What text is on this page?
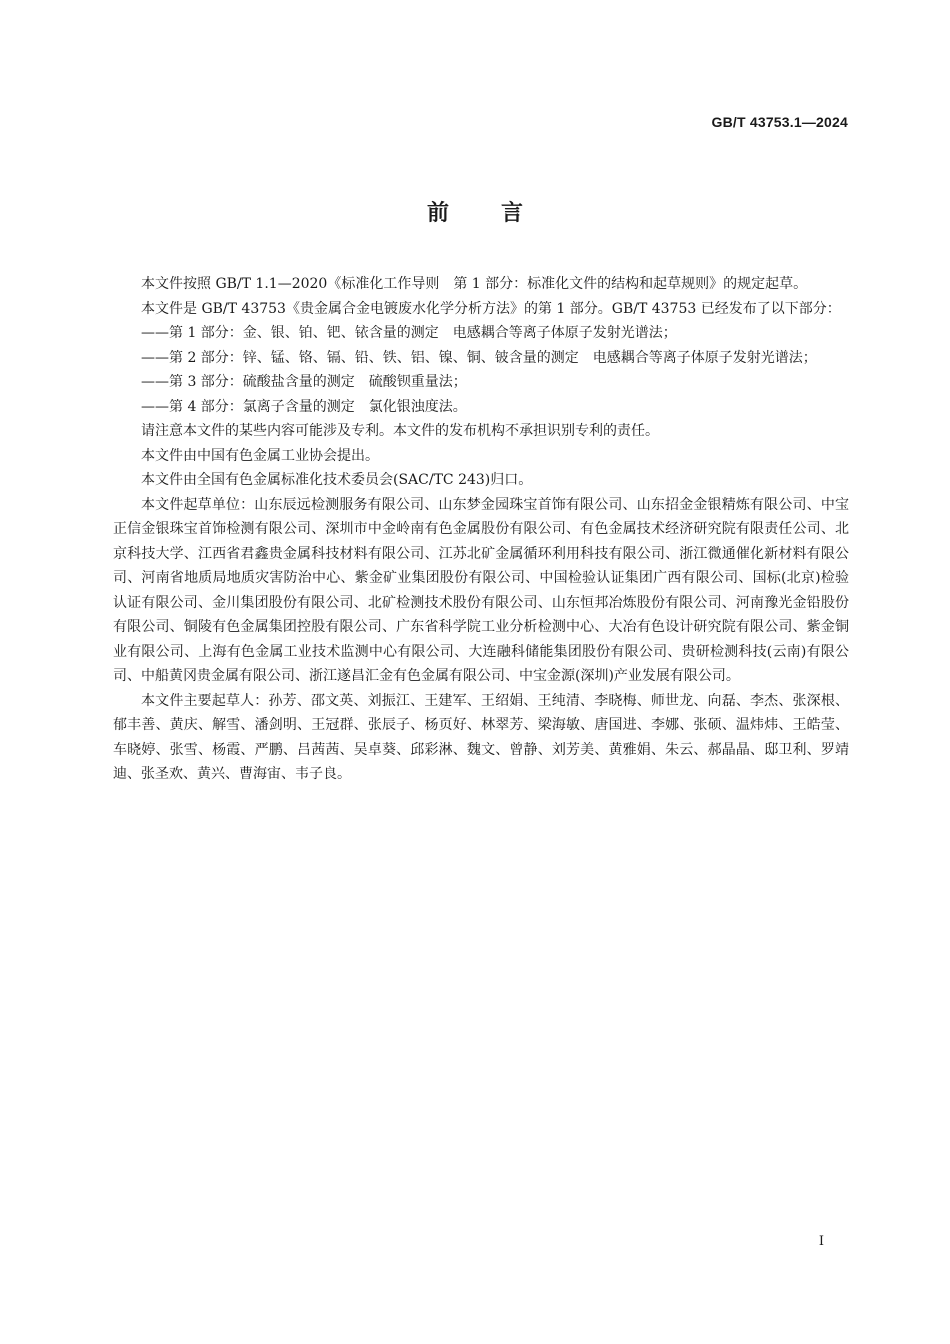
GB/T 43753.1—2024
前言

本文件按照 GB/T 1.1—2020《标准化工作导则　第 1 部分：标准化文件的结构和起草规则》的规定起草。

本文件是 GB/T 43753《贵金属合金电镀废水化学分析方法》的第 1 部分。GB/T 43753 已经发布了以下部分：

——第 1 部分：金、银、铂、钯、铱含量的测定　电感耦合等离子体原子发射光谱法；

——第 2 部分：锌、锰、铬、镉、铅、铁、铝、镍、铜、铍含量的测定　电感耦合等离子体原子发射光谱法；

——第 3 部分：硫酸盐含量的测定　硫酸钡重量法；

——第 4 部分：氯离子含量的测定　氯化银浊度法。

请注意本文件的某些内容可能涉及专利。本文件的发布机构不承担识别专利的责任。

本文件由中国有色金属工业协会提出。

本文件由全国有色金属标准化技术委员会(SAC/TC 243)归口。

本文件起草单位：山东辰远检测服务有限公司、山东梦金园珠宝首饰有限公司、山东招金金银精炼有限公司、中宝正信金银珠宝首饰检测有限公司、深圳市中金岭南有色金属股份有限公司、有色金属技术经济研究院有限责任公司、北京科技大学、江西省君鑫贵金属科技材料有限公司、江苏北矿金属循环利用科技有限公司、浙江微通催化新材料有限公司、河南省地质局地质灾害防治中心、紫金矿业集团股份有限公司、中国检验认证集团广西有限公司、国标(北京)检验认证有限公司、金川集团股份有限公司、北矿检测技术股份有限公司、山东恒邦冶炼股份有限公司、河南豫光金铅股份有限公司、铜陵有色金属集团控股有限公司、广东省科学院工业分析检测中心、大冶有色设计研究院有限公司、紫金铜业有限公司、上海有色金属工业技术监测中心有限公司、大连融科储能集团股份有限公司、贵研检测科技(云南)有限公司、中船黄冈贵金属有限公司、浙江遂昌汇金有色金属有限公司、中宝金源(深圳)产业发展有限公司。

本文件主要起草人：孙芳、邵文英、刘振江、王建军、王绍娟、王纯清、李晓梅、师世龙、向磊、李杰、张深根、郁丰善、黄庆、解雪、潘剑明、王冠群、张辰子、杨页好、林翠芳、梁海敏、唐国进、李娜、张硕、温炜炜、王皓莹、车晓婷、张雪、杨霞、严鹏、吕茜茜、吴卓葵、邱彩淋、魏文、曾静、刘芳美、黄雅娟、朱云、郝晶晶、邸卫利、罗靖迪、张圣欢、黄兴、曹海宙、韦子良。

I
